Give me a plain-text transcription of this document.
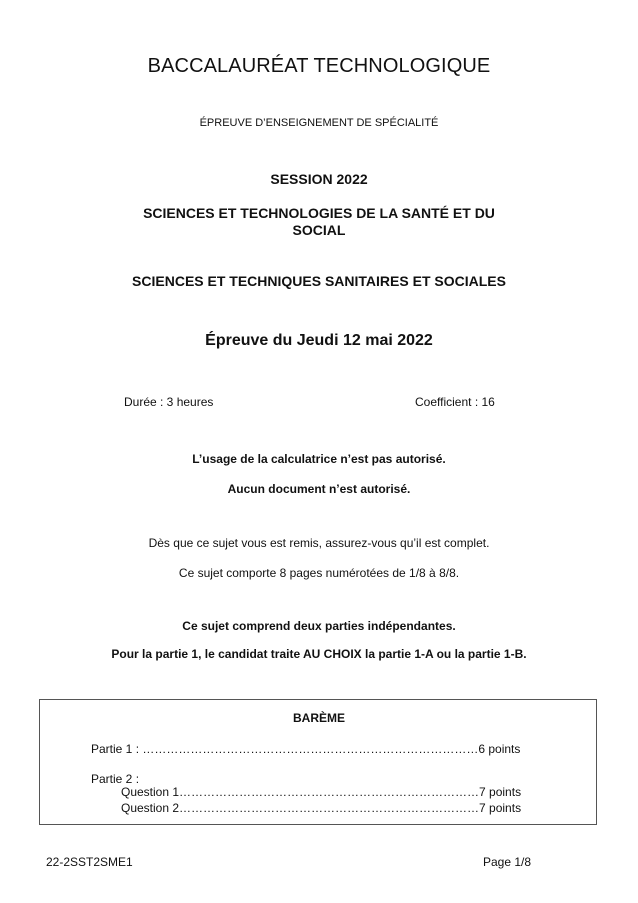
BACCALAURÉAT TECHNOLOGIQUE
ÉPREUVE D’ENSEIGNEMENT DE SPÉCIALITÉ
SESSION 2022
SCIENCES ET TECHNOLOGIES DE LA SANTÉ ET DU
SOCIAL
SCIENCES ET TECHNIQUES SANITAIRES ET SOCIALES
Épreuve du Jeudi 12 mai 2022
Durée : 3 heures	Coefficient : 16
L’usage de la calculatrice n’est pas autorisé.
Aucun document n’est autorisé.
Dès que ce sujet vous est remis, assurez-vous qu’il est complet.
Ce sujet comporte 8 pages numérotées de 1/8 à 8/8.
Ce sujet comprend deux parties indépendantes.
Pour la partie 1, le candidat traite AU CHOIX la partie 1-A ou la partie 1-B.
BARÈME
Partie 1 : …………………………………………………………………………6 points
Partie 2 :
Question 1…………………………………………………………………7 points
Question 2…………………………………………………………………7 points
22-2SST2SME1	Page 1/8
